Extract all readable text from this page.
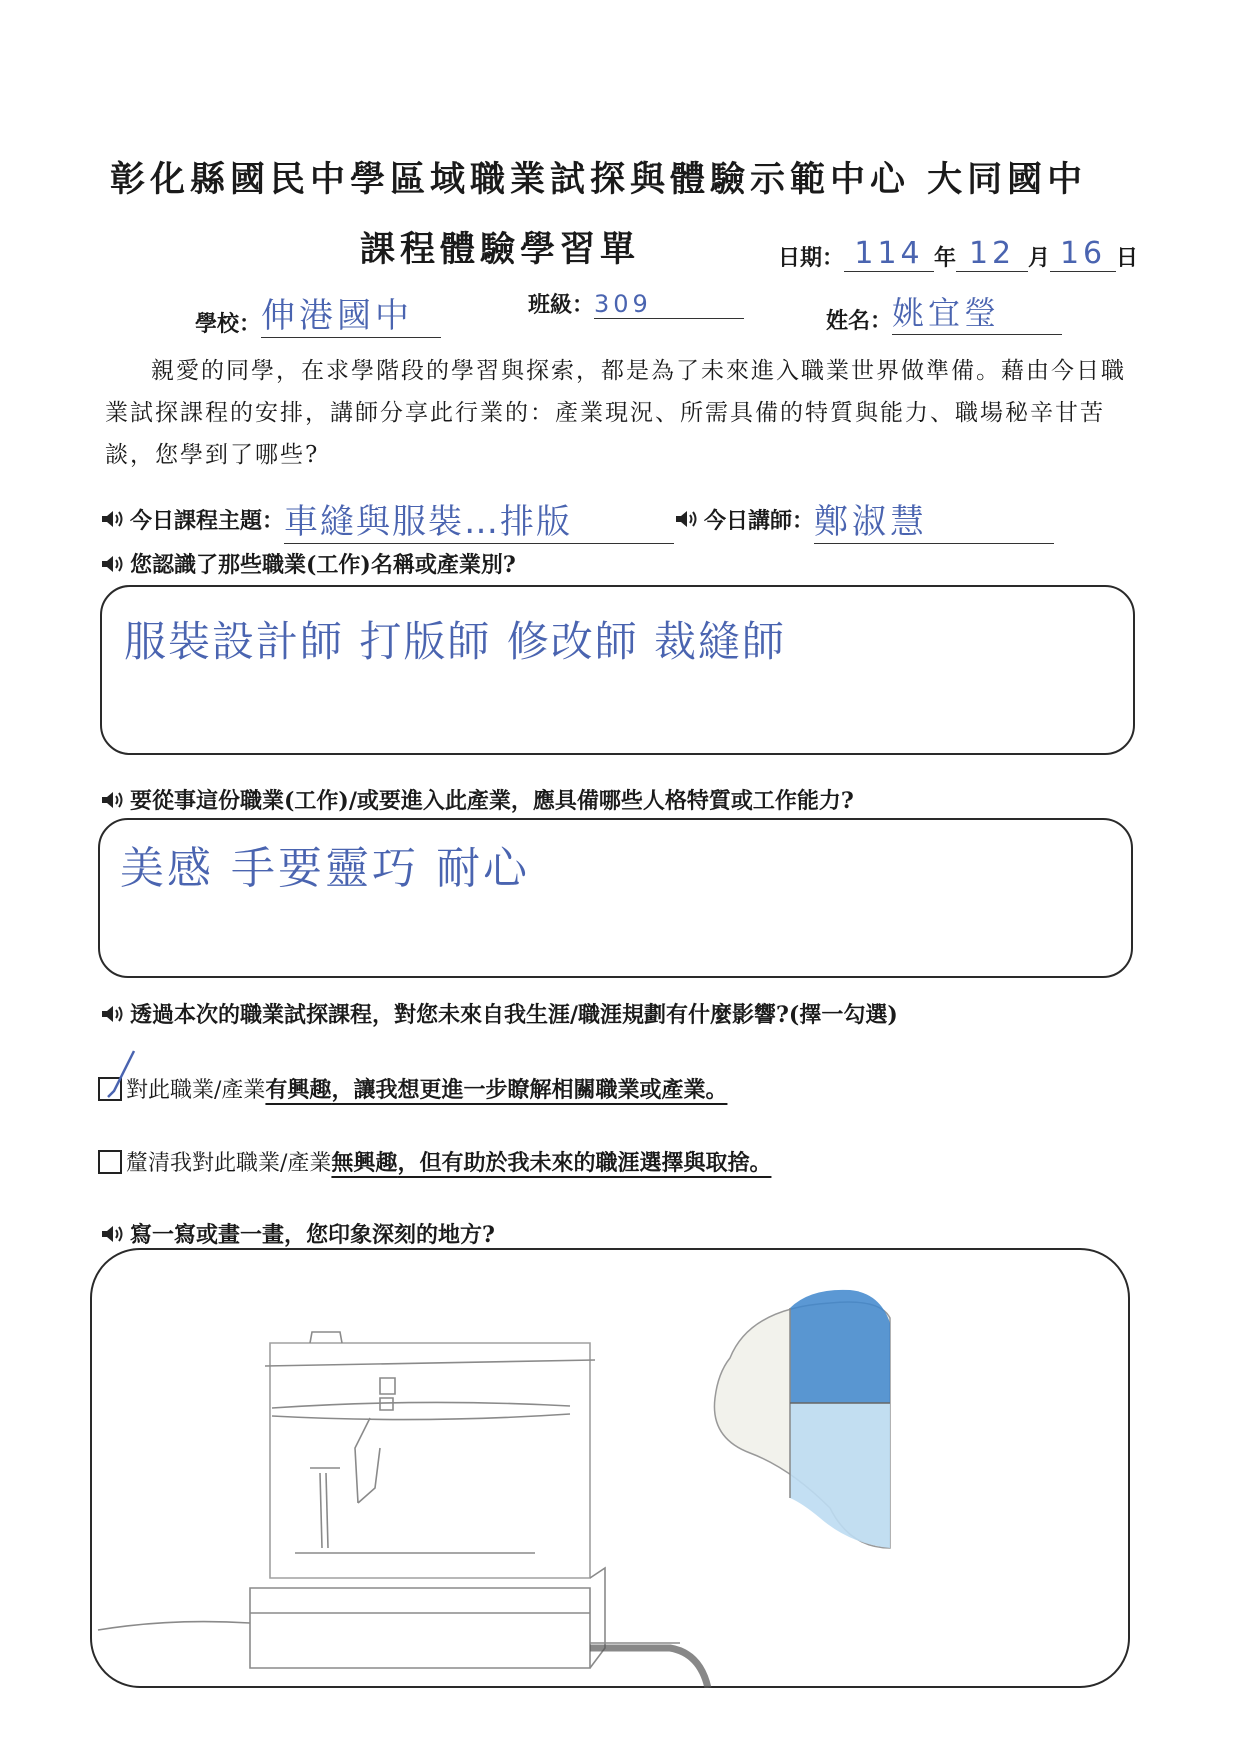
彰化縣國民中學區域職業試探與體驗示範中心 大同國中
課程體驗學習單	日期： 114 年 12 月 16 日
學校： 伸港國中	班級： 309
姓名： 姚宜瑩

親愛的同學，在求學階段的學習與探索，都是為了未來進入職業世界做準備。藉由今日職業試探課程的安排，講師分享此行業的：產業現況、所需具備的特質與能力、職場秘辛甘苦談，您學到了哪些?

今日課程主題： 車縫與服裝…排版	今日講師： 鄭淑慧
您認識了那些職業(工作)名稱或產業別?
服裝設計師 打版師 修改師 裁縫師
要從事這份職業(工作)/或要進入此產業，應具備哪些人格特質或工作能力?
美感 手要靈巧 耐心
透過本次的職業試探課程，對您未來自我生涯/職涯規劃有什麼影響?(擇一勾選)
對此職業/產業 有興趣 ，讓我想更進一步瞭解相關職業或產業。
釐清我對此職業/產業 無興趣 ，但有助於我未來的職涯選擇與取捨。
寫一寫或畫一畫，您印象深刻的地方?
